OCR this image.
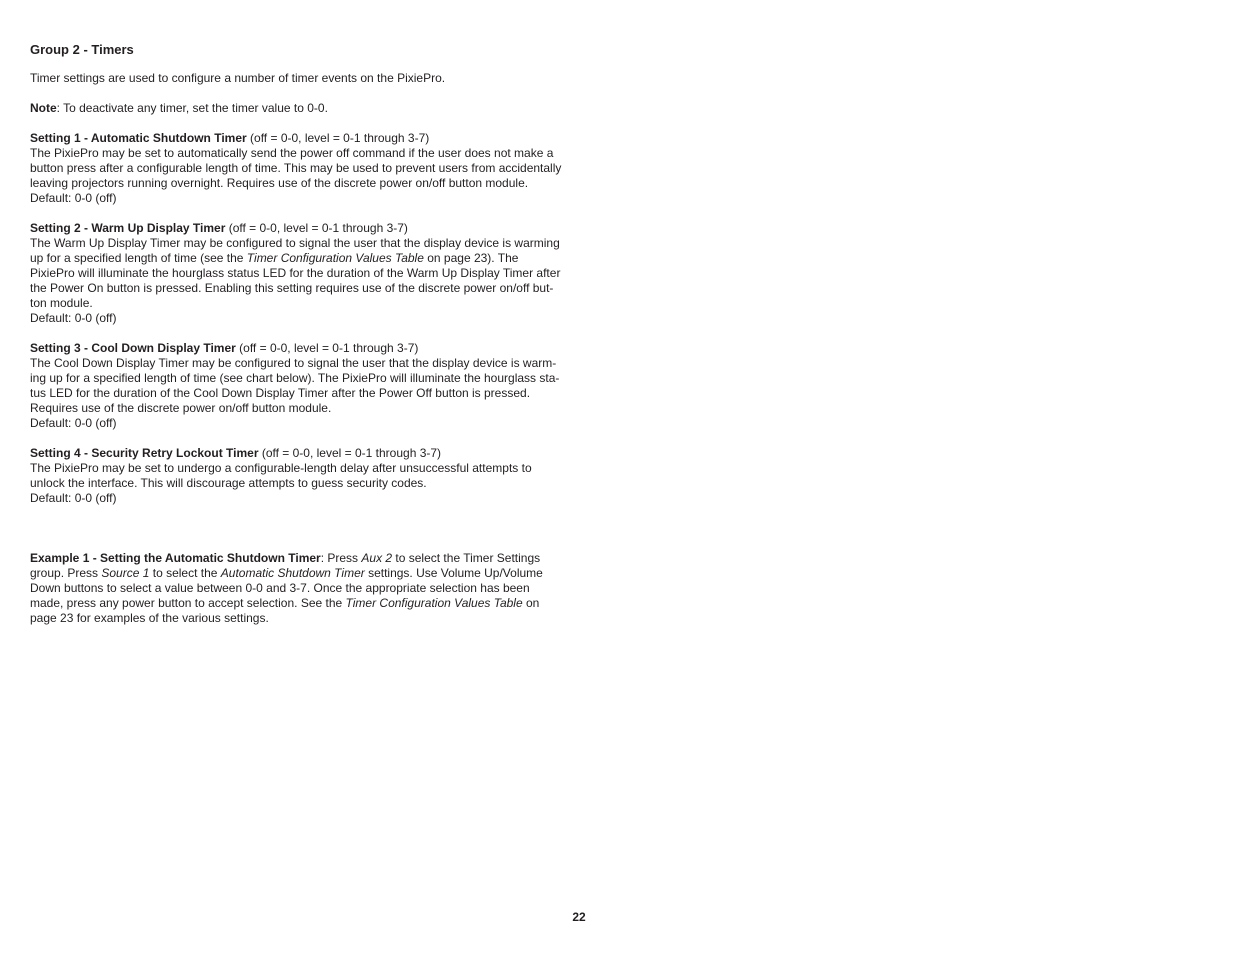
Group 2 - Timers

Timer settings are used to configure a number of timer events on the PixiePro.

Note: To deactivate any timer, set the timer value to 0-0.

Setting 1 - Automatic Shutdown Timer (off = 0-0, level = 0-1 through 3-7)
The PixiePro may be set to automatically send the power off command if the user does not make a
button press after a configurable length of time. This may be used to prevent users from accidentally
leaving projectors running overnight. Requires use of the discrete power on/off button module.
Default: 0-0 (off)

Setting 2 - Warm Up Display Timer (off = 0-0, level = 0-1 through 3-7)
The Warm Up Display Timer may be configured to signal the user that the display device is warming
up for a specified length of time (see the Timer Configuration Values Table on page 23). The
PixiePro will illuminate the hourglass status LED for the duration of the Warm Up Display Timer after
the Power On button is pressed. Enabling this setting requires use of the discrete power on/off but-
ton module.
Default: 0-0 (off)

Setting 3 - Cool Down Display Timer (off = 0-0, level = 0-1 through 3-7)
The Cool Down Display Timer may be configured to signal the user that the display device is warm-
ing up for a specified length of time (see chart below). The PixiePro will illuminate the hourglass sta-
tus LED for the duration of the Cool Down Display Timer after the Power Off button is pressed.
Requires use of the discrete power on/off button module.
Default: 0-0 (off)

Setting 4 - Security Retry Lockout Timer (off = 0-0, level = 0-1 through 3-7)
The PixiePro may be set to undergo a configurable-length delay after unsuccessful attempts to
unlock the interface. This will discourage attempts to guess security codes.
Default: 0-0 (off)

Example 1 - Setting the Automatic Shutdown Timer: Press Aux 2 to select the Timer Settings
group. Press Source 1 to select the Automatic Shutdown Timer settings. Use Volume Up/Volume
Down buttons to select a value between 0-0 and 3-7. Once the appropriate selection has been
made, press any power button to accept selection. See the Timer Configuration Values Table on
page 23 for examples of the various settings.

22
